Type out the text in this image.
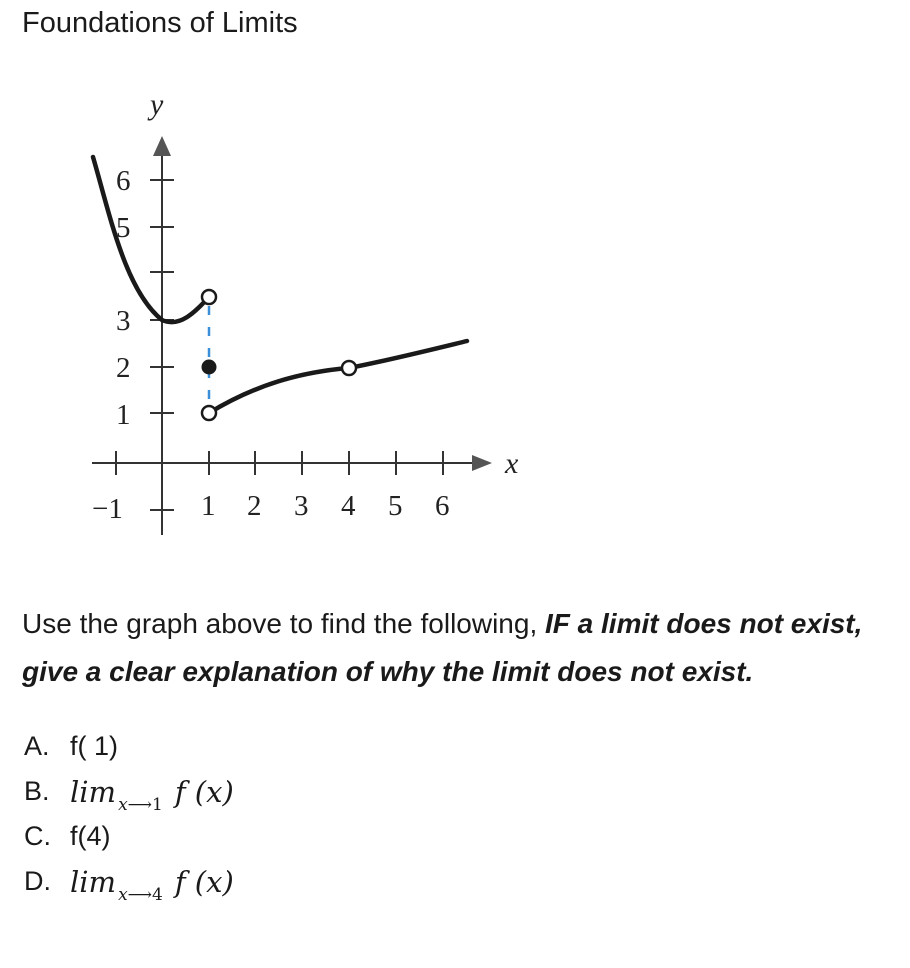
Foundations of Limits
y
x
6
5
3
2
1
−1	1 2 3 4 5 6
Use the graph above to find the following, IF a limit does not exist, give a clear explanation of why the limit does not exist.
A. f( 1)
B. lim $_{x⟶1}$ f (x)
C. f(4)
D. lim $_{x⟶4}$ f (x)
